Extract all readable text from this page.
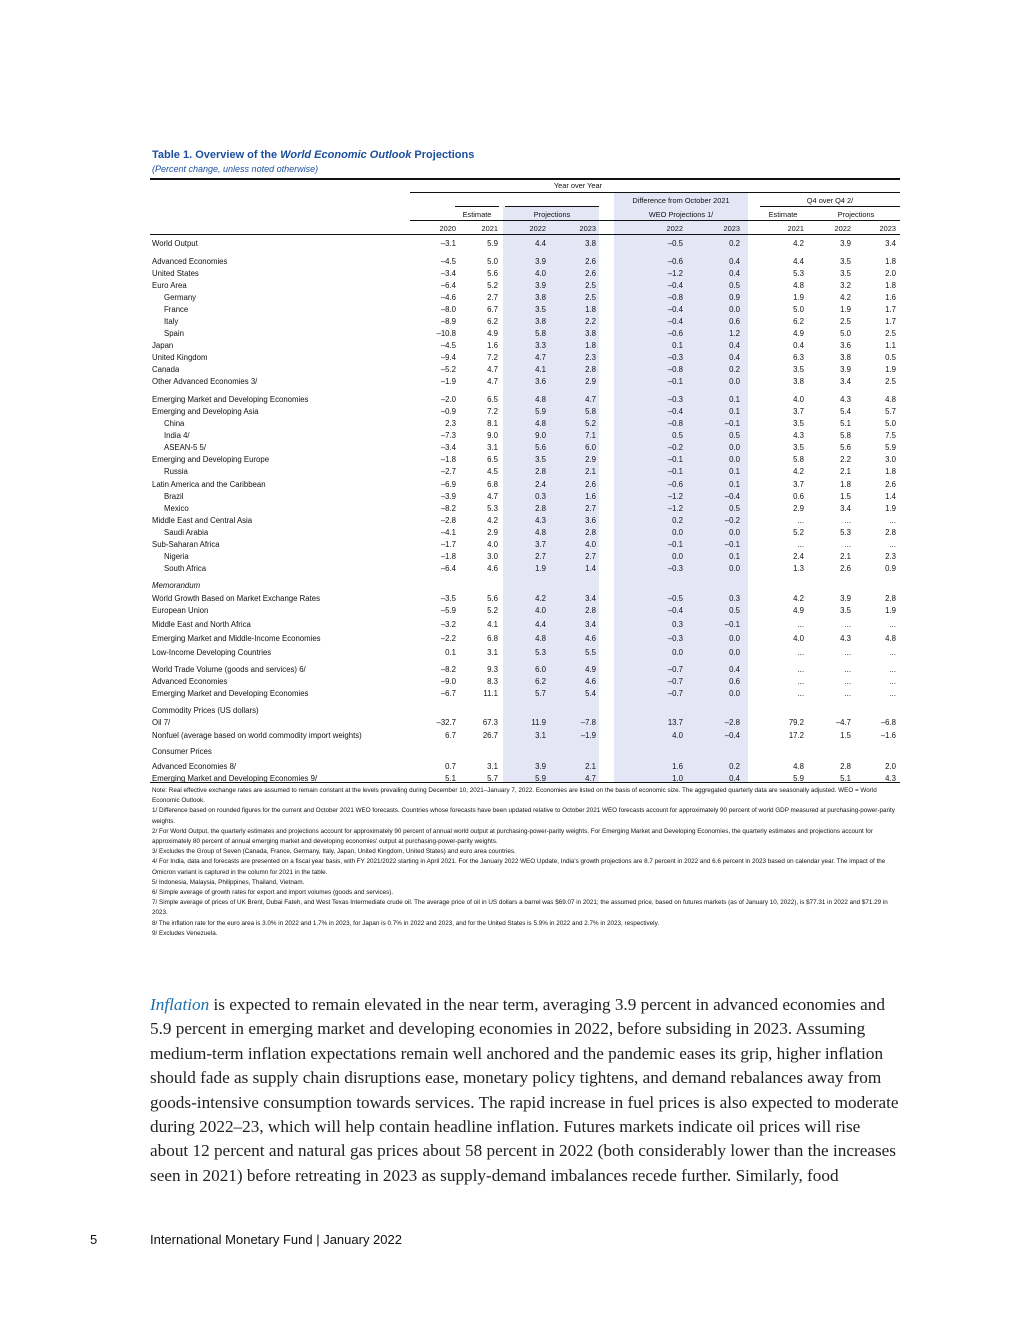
Table 1. Overview of the World Economic Outlook Projections
(Percent change, unless noted otherwise)
Year over Year
Difference from October 2021
WEO Projections 1/
Q4 over Q4 2/
Estimate	Projections	Estimate	Projections
2020	2021	2022	2023	2022	2023	2021	2022	2023
World Output	–3.1	5.9	4.4	3.8	–0.5	0.2	4.2	3.9	3.4
Advanced Economies	–4.5	5.0	3.9	2.6	–0.6	0.4	4.4	3.5	1.8
United States	–3.4	5.6	4.0	2.6	–1.2	0.4	5.3	3.5	2.0
Euro Area	–6.4	5.2	3.9	2.5	–0.4	0.5	4.8	3.2	1.8
Germany	–4.6	2.7	3.8	2.5	–0.8	0.9	1.9	4.2	1.6
France	–8.0	6.7	3.5	1.8	–0.4	0.0	5.0	1.9	1.7
Italy	–8.9	6.2	3.8	2.2	–0.4	0.6	6.2	2.5	1.7
Spain	–10.8	4.9	5.8	3.8	–0.6	1.2	4.9	5.0	2.5
Japan	–4.5	1.6	3.3	1.8	0.1	0.4	0.4	3.6	1.1
United Kingdom	–9.4	7.2	4.7	2.3	–0.3	0.4	6.3	3.8	0.5
Canada	–5.2	4.7	4.1	2.8	–0.8	0.2	3.5	3.9	1.9
Other Advanced Economies 3/	–1.9	4.7	3.6	2.9	–0.1	0.0	3.8	3.4	2.5
Emerging Market and Developing Economies	–2.0	6.5	4.8	4.7	–0.3	0.1	4.0	4.3	4.8
Emerging and Developing Asia	–0.9	7.2	5.9	5.8	–0.4	0.1	3.7	5.4	5.7
China	2.3	8.1	4.8	5.2	–0.8	–0.1	3.5	5.1	5.0
India 4/	–7.3	9.0	9.0	7.1	0.5	0.5	4.3	5.8	7.5
ASEAN-5 5/	–3.4	3.1	5.6	6.0	–0.2	0.0	3.5	5.6	5.9
Emerging and Developing Europe	–1.8	6.5	3.5	2.9	–0.1	0.0	5.8	2.2	3.0
Russia	–2.7	4.5	2.8	2.1	–0.1	0.1	4.2	2.1	1.8
Latin America and the Caribbean	–6.9	6.8	2.4	2.6	–0.6	0.1	3.7	1.8	2.6
Brazil	–3.9	4.7	0.3	1.6	–1.2	–0.4	0.6	1.5	1.4
Mexico	–8.2	5.3	2.8	2.7	–1.2	0.5	2.9	3.4	1.9
Middle East and Central Asia	–2.8	4.2	4.3	3.6	0.2	–0.2	...	...	...
Saudi Arabia	–4.1	2.9	4.8	2.8	0.0	0.0	5.2	5.3	2.8
Sub-Saharan Africa	–1.7	4.0	3.7	4.0	–0.1	–0.1	...	...	...
Nigeria	–1.8	3.0	2.7	2.7	0.0	0.1	2.4	2.1	2.3
South Africa	–6.4	4.6	1.9	1.4	–0.3	0.0	1.3	2.6	0.9
Memorandum
World Growth Based on Market Exchange Rates	–3.5	5.6	4.2	3.4	–0.5	0.3	4.2	3.9	2.8
European Union	–5.9	5.2	4.0	2.8	–0.4	0.5	4.9	3.5	1.9
Middle East and North Africa	–3.2	4.1	4.4	3.4	0.3	–0.1	...	...	...
Emerging Market and Middle-Income Economies	–2.2	6.8	4.8	4.6	–0.3	0.0	4.0	4.3	4.8
Low-Income Developing Countries	0.1	3.1	5.3	5.5	0.0	0.0	...	...	...
World Trade Volume (goods and services) 6/	–8.2	9.3	6.0	4.9	–0.7	0.4	...	...	...
Advanced Economies	–9.0	8.3	6.2	4.6	–0.7	0.6	...	...	...
Emerging Market and Developing Economies	–6.7	11.1	5.7	5.4	–0.7	0.0	...	...	...
Commodity Prices (US dollars)
Oil 7/	–32.7	67.3	11.9	–7.8	13.7	–2.8	79.2	–4.7	–6.8
Nonfuel (average based on world commodity import weights)	6.7	26.7	3.1	–1.9	4.0	–0.4	17.2	1.5	–1.6
Consumer Prices
Advanced Economies 8/	0.7	3.1	3.9	2.1	1.6	0.2	4.8	2.8	2.0
Emerging Market and Developing Economies 9/	5.1	5.7	5.9	4.7	1.0	0.4	5.9	5.1	4.3
Note: Real effective exchange rates are assumed to remain constant at the levels prevailing during December 10, 2021–January 7, 2022. Economies are listed on the basis of economic size. The aggregated quarterly data are seasonally adjusted. WEO = World Economic Outlook.
1/ Difference based on rounded figures for the current and October 2021 WEO forecasts. Countries whose forecasts have been updated relative to October 2021 WEO forecasts account for approximately 90 percent of world GDP measured at purchasing-power-parity weights.
2/ For World Output, the quarterly estimates and projections account for approximately 90 percent of annual world output at purchasing-power-parity weights. For Emerging Market and Developing Economies, the quarterly estimates and projections account for approximately 80 percent of annual emerging market and developing economies' output at purchasing-power-parity weights.
3/ Excludes the Group of Seven (Canada, France, Germany, Italy, Japan, United Kingdom, United States) and euro area countries.
4/ For India, data and forecasts are presented on a fiscal year basis, with FY 2021/2022 starting in April 2021. For the January 2022 WEO Update, India's growth projections are 8.7 percent in 2022 and 6.6 percent in 2023 based on calendar year. The impact of the Omicron variant is captured in the column for 2021 in the table.
5/ Indonesia, Malaysia, Philippines, Thailand, Vietnam.
6/ Simple average of growth rates for export and import volumes (goods and services).
7/ Simple average of prices of UK Brent, Dubai Fateh, and West Texas Intermediate crude oil. The average price of oil in US dollars a barrel was $69.07 in 2021; the assumed price, based on futures markets (as of January 10, 2022), is $77.31 in 2022 and $71.29 in 2023.
8/ The inflation rate for the euro area is 3.0% in 2022 and 1.7% in 2023, for Japan is 0.7% in 2022 and 2023, and for the United States is 5.9% in 2022 and 2.7% in 2023, respectively.
9/ Excludes Venezuela.
Inflation is expected to remain elevated in the near term, averaging 3.9 percent in advanced economies and 5.9 percent in emerging market and developing economies in 2022, before subsiding in 2023. Assuming medium-term inflation expectations remain well anchored and the pandemic eases its grip, higher inflation should fade as supply chain disruptions ease, monetary policy tightens, and demand rebalances away from goods-intensive consumption towards services. The rapid increase in fuel prices is also expected to moderate during 2022–23, which will help contain headline inflation. Futures markets indicate oil prices will rise about 12 percent and natural gas prices about 58 percent in 2022 (both considerably lower than the increases seen in 2021) before retreating in 2023 as supply-demand imbalances recede further. Similarly, food
5	International Monetary Fund | January 2022
